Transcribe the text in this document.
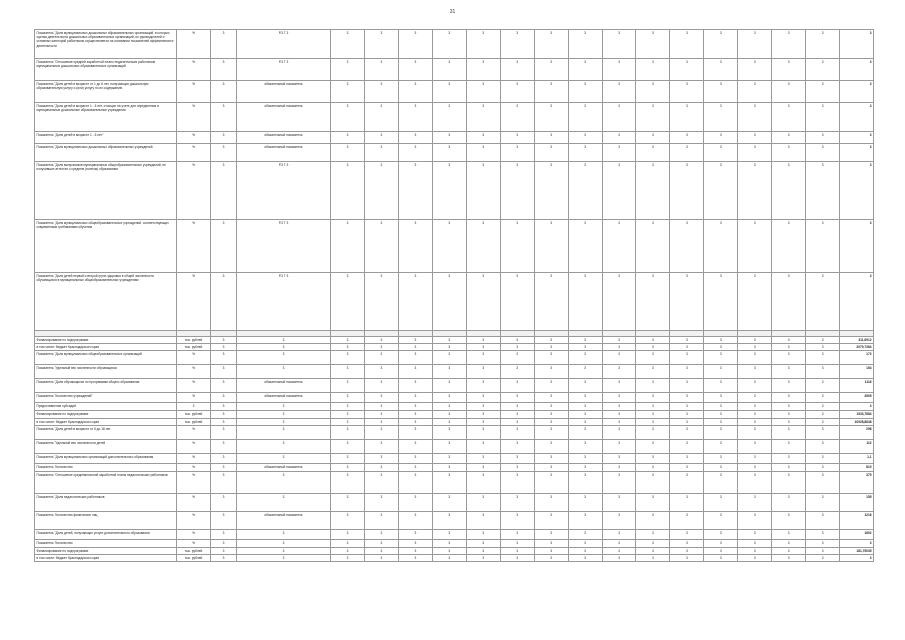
31
Показатель "Доля муниципальных дошкольных образовательных организаций, в которых оценка деятельности дошкольных образовательных организаций, их руководителей и основных категорий работников осуществляется на основании показателей эффективности деятельности	%	3	Р.3 Г 3	3	3	3	3	3	3	3	3	3	3	3	3	3	3	3	3
Показатель "Отношение средней заработной платы педагогических работников муниципальных дошкольных образовательных организаций	%	3	Р.3 Г 3	3	3	3	3	3	3	3	3	3	3	3	3	3	3	3	3
Показатель "Доля детей в возрасте от 1 до 6 лет, получающих дошкольную образовательную услугу и (или) услугу по их содержанию	%	3	обязательный показатель	3	3	3	3	3	3	3	3	3	3	3	3	3	3	3	3
Показатель "Доля детей в возрасте 1 - 6 лет, стоящих на учете для определения в муниципальные дошкольные образовательные учреждения	%	3	обязательный показатель	3	3	3	3	3	3	3	3	3	3	3	3	3	3	3	3
Показатель "Доля детей в возрасте 1 - 6 лет"	%	3	обязательный показатель	3	3	3	3	3	3	3	3	3	3	3	3	3	3	3	3
Показатель "Доля муниципальных дошкольных образовательных учреждений	%	3	обязательный показатель	3	3	3	3	3	3	3	3	3	3	3	3	3	3	3	3
Показатель "Доля выпускников муниципальных общеобразовательных учреждений, не получивших аттестат о среднем (полном) образовании	%	3	Р.3 Г 3	3	3	3	3	3	3	3	3	3	3	3	3	3	3	3	3
Показатель "Доля муниципальных общеобразовательных учреждений, соответствующих современным требованиям обучения	%	3	Р.3 Г 3	3	3	3	3	3	3	3	3	3	3	3	3	3	3	3	3
Показатель "Доля детей первой и второй групп здоровья в общей численности обучающихся в муниципальных общеобразовательных учреждениях	%	3	Р.3 Г 3	3	3	3	3	3	3	3	3	3	3	3	3	3	3	3	3

Финансирование по подпрограмме	тыс. рублей	3	3	3	3	3	3	3	3	3	3	3	3	3	3	3	3	3	311,6912
в том числе: бюджет Краснодарского края	тыс. рублей	3	3	3	3	3	3	3	3	3	3	3	3	3	3	3	3	3	2079,7384
Показатель "Доля муниципальных общеобразовательных организаций	%	3	3	3	3	3	3	3	3	3	3	3	3	3	3	3	3	3	173
Показатель "Удельный вес численности обучающихся	%	3	3	3	3	3	3	3	3	3	3	3	3	3	3	3	3	3	154
Показатель "Доля обучающихся по программам общего образования	%	3	обязательный показатель	3	3	3	3	3	3	3	3	3	3	3	3	3	3	3	1116
Показатель "Количество учреждений"	%	3	обязательный показатель	3	3	3	3	3	3	3	3	3	3	3	3	3	3	3	4505
Предоставление субсидий	3	3	3	3	3	3	3	3	3	3	3	3	3	3	3	3	3	3	3
Финансирование по подпрограмме	тыс. рублей	3	3	3	3	3	3	3	3	3	3	3	3	3	3	3	3	3	1933,7884
в том числе: бюджет Краснодарского края	тыс. рублей	3	3	3	3	3	3	3	3	3	3	3	3	3	3	3	3	3	10928,8848
Показатель "Доля детей в возрасте от 5 до 18 лет	%	3	3	3	3	3	3	3	3	3	3	3	3	3	3	3	3	3	298
Показатель "Удельный вес численности детей	%	3	3	3	3	3	3	3	3	3	3	3	3	3	3	3	3	3	112
Показатель "Доля муниципальных организаций дополнительного образования	%	3	3	3	3	3	3	3	3	3	3	3	3	3	3	3	3	3	1,1
Показатель "Количество	%	3	обязательный показатель	3	3	3	3	3	3	3	3	3	3	3	3	3	3	3	810
Показатель "Отношение среднемесячной заработной платы педагогических работников	%	3	3	3	3	3	3	3	3	3	3	3	3	3	3	3	3	3	375
Показатель "Доля педагогических работников	%	3	3	3	3	3	3	3	3	3	3	3	3	3	3	3	3	3	155
Показатель "Количество физических лиц	%	3	обязательный показатель	3	3	3	3	3	3	3	3	3	3	3	3	3	3	3	1216
Показатель "Доля детей, получающих услуги дополнительного образования	%	3	3	3	3	3	3	3	3	3	3	3	3	3	3	3	3	3	1802
Показатель "Количество	%	3	3	3	3	3	3	3	3	3	3	3	3	3	3	3	3	3	3
Финансирование по подпрограмме	тыс. рублей	3	3	3	3	3	3	3	3	3	3	3	3	3	3	3	3	3	181,75035
в том числе: бюджет Краснодарского края	тыс. рублей	3	3	3	3	3	3	3	3	3	3	3	3	3	3	3	3	3	3
